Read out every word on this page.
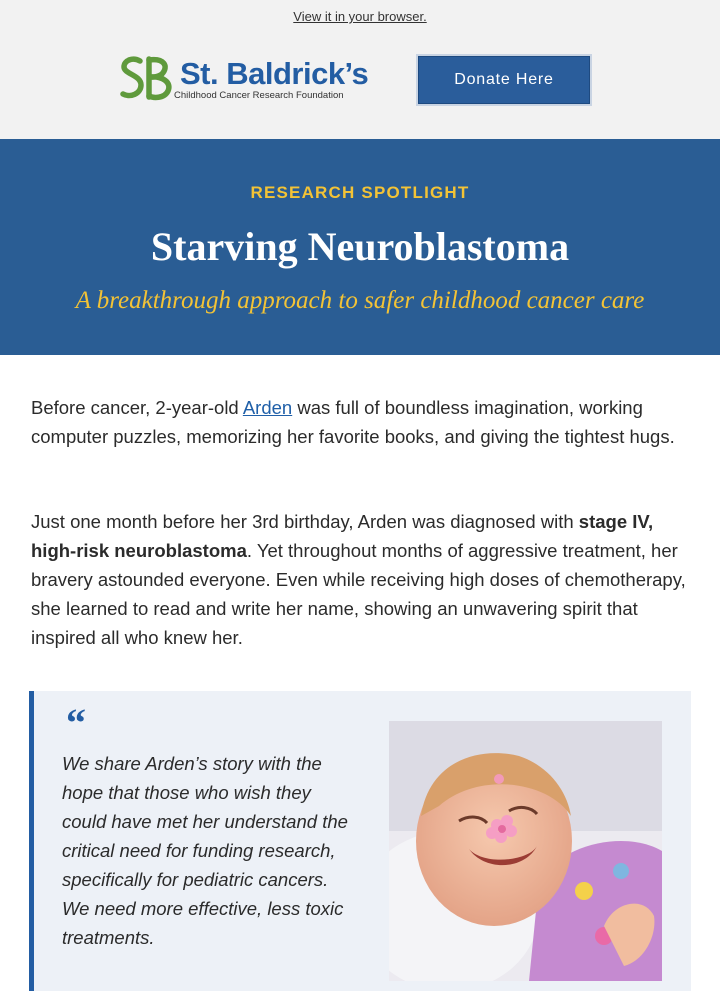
View it in your browser.
St. Baldrick’s
Childhood Cancer Research Foundation
Donate Here
RESEARCH SPOTLIGHT
Starving Neuroblastoma
A breakthrough approach to safer childhood cancer care

Before cancer, 2-year-old Arden was full of boundless imagination, working computer puzzles, memorizing her favorite books, and giving the tightest hugs.

Just one month before her 3rd birthday, Arden was diagnosed with stage IV, high-risk neuroblastoma. Yet throughout months of aggressive treatment, her bravery astounded everyone. Even while receiving high doses of chemotherapy, she learned to read and write her name, showing an unwavering spirit that inspired all who knew her.

“
We share Arden’s story with the hope that those who wish they could have met her understand the critical need for funding research, specifically for pediatric cancers. We need more effective, less toxic treatments.
